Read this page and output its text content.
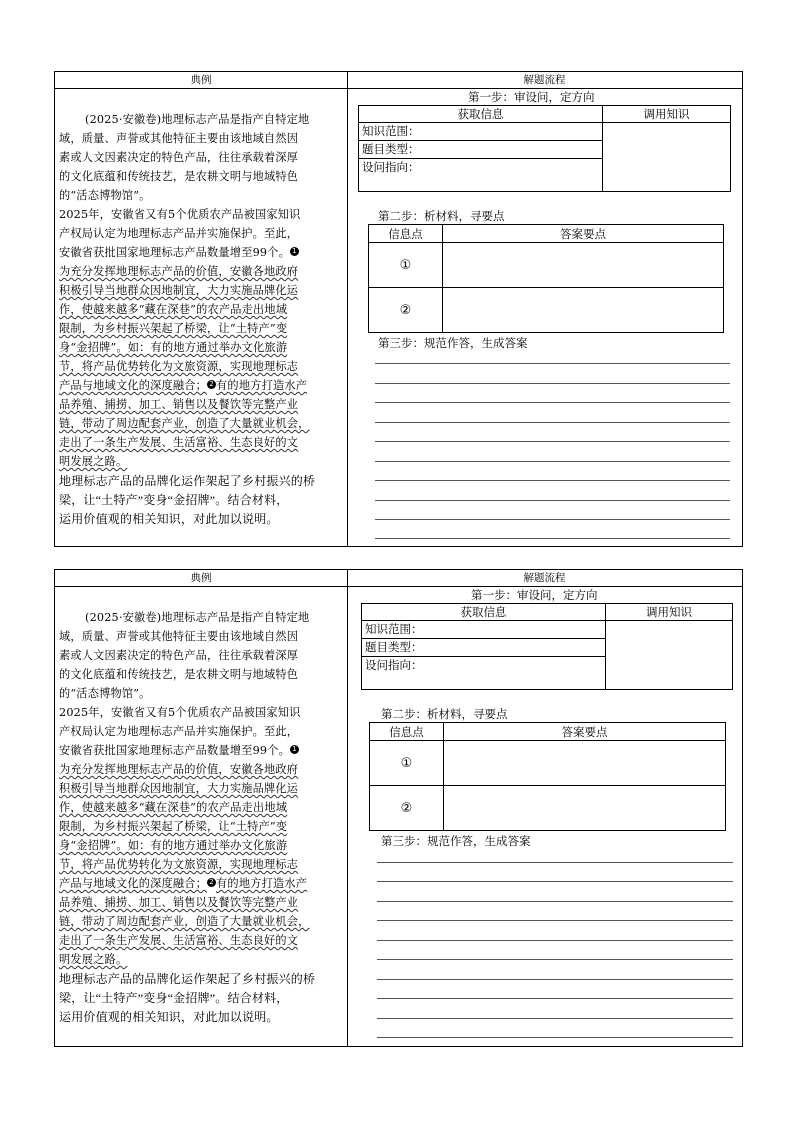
典例	解题流程
(2025·安徽卷)地理标志产品是指产自特定地
域，质量、声誉或其他特征主要由该地域自然因
素或人文因素决定的特色产品，往往承载着深厚
的文化底蕴和传统技艺，是农耕文明与地域特色
的“活态博物馆”。
2025年，安徽省又有5个优质农产品被国家知识
产权局认定为地理标志产品并实施保护。至此，
安徽省获批国家地理标志产品数量增至99个。 1
为充分发挥地理标志产品的价值，安徽各地政府
积极引导当地群众因地制宜，大力实施品牌化运
作，使越来越多“藏在深巷”的农产品走出地域
限制，为乡村振兴架起了桥梁，让“土特产”变
身“金招牌”。如：有的地方通过举办文化旅游
节，将产品优势转化为文旅资源，实现地理标志
产品与地域文化的深度融合； 2 有的地方打造水产
品养殖、捕捞、加工、销售以及餐饮等完整产业
链，带动了周边配套产业，创造了大量就业机会，
走出了一条生产发展、生活富裕、生态良好的文
明发展之路。
地理标志产品的品牌化运作架起了乡村振兴的桥
梁，让“土特产”变身“金招牌”。结合材料，
运用价值观的相关知识，对此加以说明。
第一步：审设问，定方向
获取信息	调用知识
知识范围：	
题目类型：	
设问指向：	
第二步：析材料，寻要点
信息点	答案要点
①	
②	
第三步：规范作答，生成答案
典例	解题流程
(2025·安徽卷)地理标志产品是指产自特定地
域，质量、声誉或其他特征主要由该地域自然因
素或人文因素决定的特色产品，往往承载着深厚
的文化底蕴和传统技艺，是农耕文明与地域特色
的“活态博物馆”。
2025年，安徽省又有5个优质农产品被国家知识
产权局认定为地理标志产品并实施保护。至此，
安徽省获批国家地理标志产品数量增至99个。 1
为充分发挥地理标志产品的价值，安徽各地政府
积极引导当地群众因地制宜，大力实施品牌化运
作，使越来越多“藏在深巷”的农产品走出地域
限制，为乡村振兴架起了桥梁，让“土特产”变
身“金招牌”。如：有的地方通过举办文化旅游
节，将产品优势转化为文旅资源，实现地理标志
产品与地域文化的深度融合； 2 有的地方打造水产
品养殖、捕捞、加工、销售以及餐饮等完整产业
链，带动了周边配套产业，创造了大量就业机会，
走出了一条生产发展、生活富裕、生态良好的文
明发展之路。
地理标志产品的品牌化运作架起了乡村振兴的桥
梁，让“土特产”变身“金招牌”。结合材料，
运用价值观的相关知识，对此加以说明。
第一步：审设问，定方向
获取信息	调用知识
知识范围：	
题目类型：	
设问指向：	
第二步：析材料，寻要点
信息点	答案要点
①	
②	
第三步：规范作答，生成答案
